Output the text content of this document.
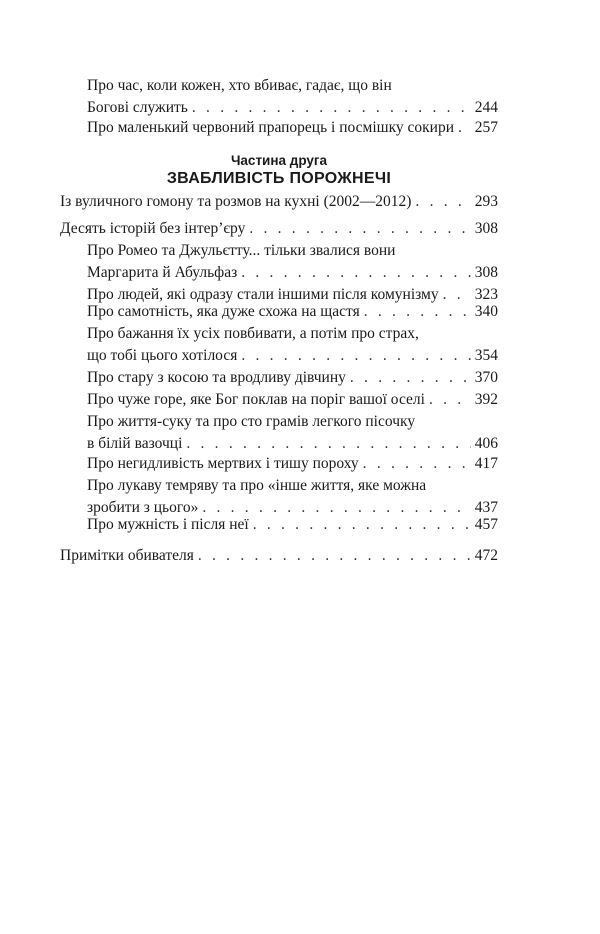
Про час, коли кожен, хто вбиває, гадає, що він
Богові служить . . .	244
Про маленький червоний прапорець і посмішку сокири . . . 257
Частина друга
ЗВАБЛИВІСТЬ ПОРОЖНЕЧІ
Із вуличного гомону та розмов на кухні (2002—2012) . . .	293
Десять історій без інтер’єру . . .	308
Про Ромео та Джульєтту... тільки звалися вони
Маргарита й Абульфаз . . .	308
Про людей, які одразу стали іншими після комунізму . . . 323
Про самотність, яка дуже схожа на щастя . . .	340
Про бажання їх усіх повбивати, а потім про страх,
що тобі цього хотілося . . .	354
Про стару з косою та вродливу дівчину . . .	370
Про чуже горе, яке Бог поклав на поріг вашої оселі . . .	392
Про життя-суку та про сто грамів легкого пісочку
в білій вазочці . . .	406
Про негидливість мертвих і тишу пороху . . .	417
Про лукаву темряву та про «інше життя, яке можна
зробити з цього» . . .	437
Про мужність і після неї . . .	457
Примітки обивателя . . .	472
